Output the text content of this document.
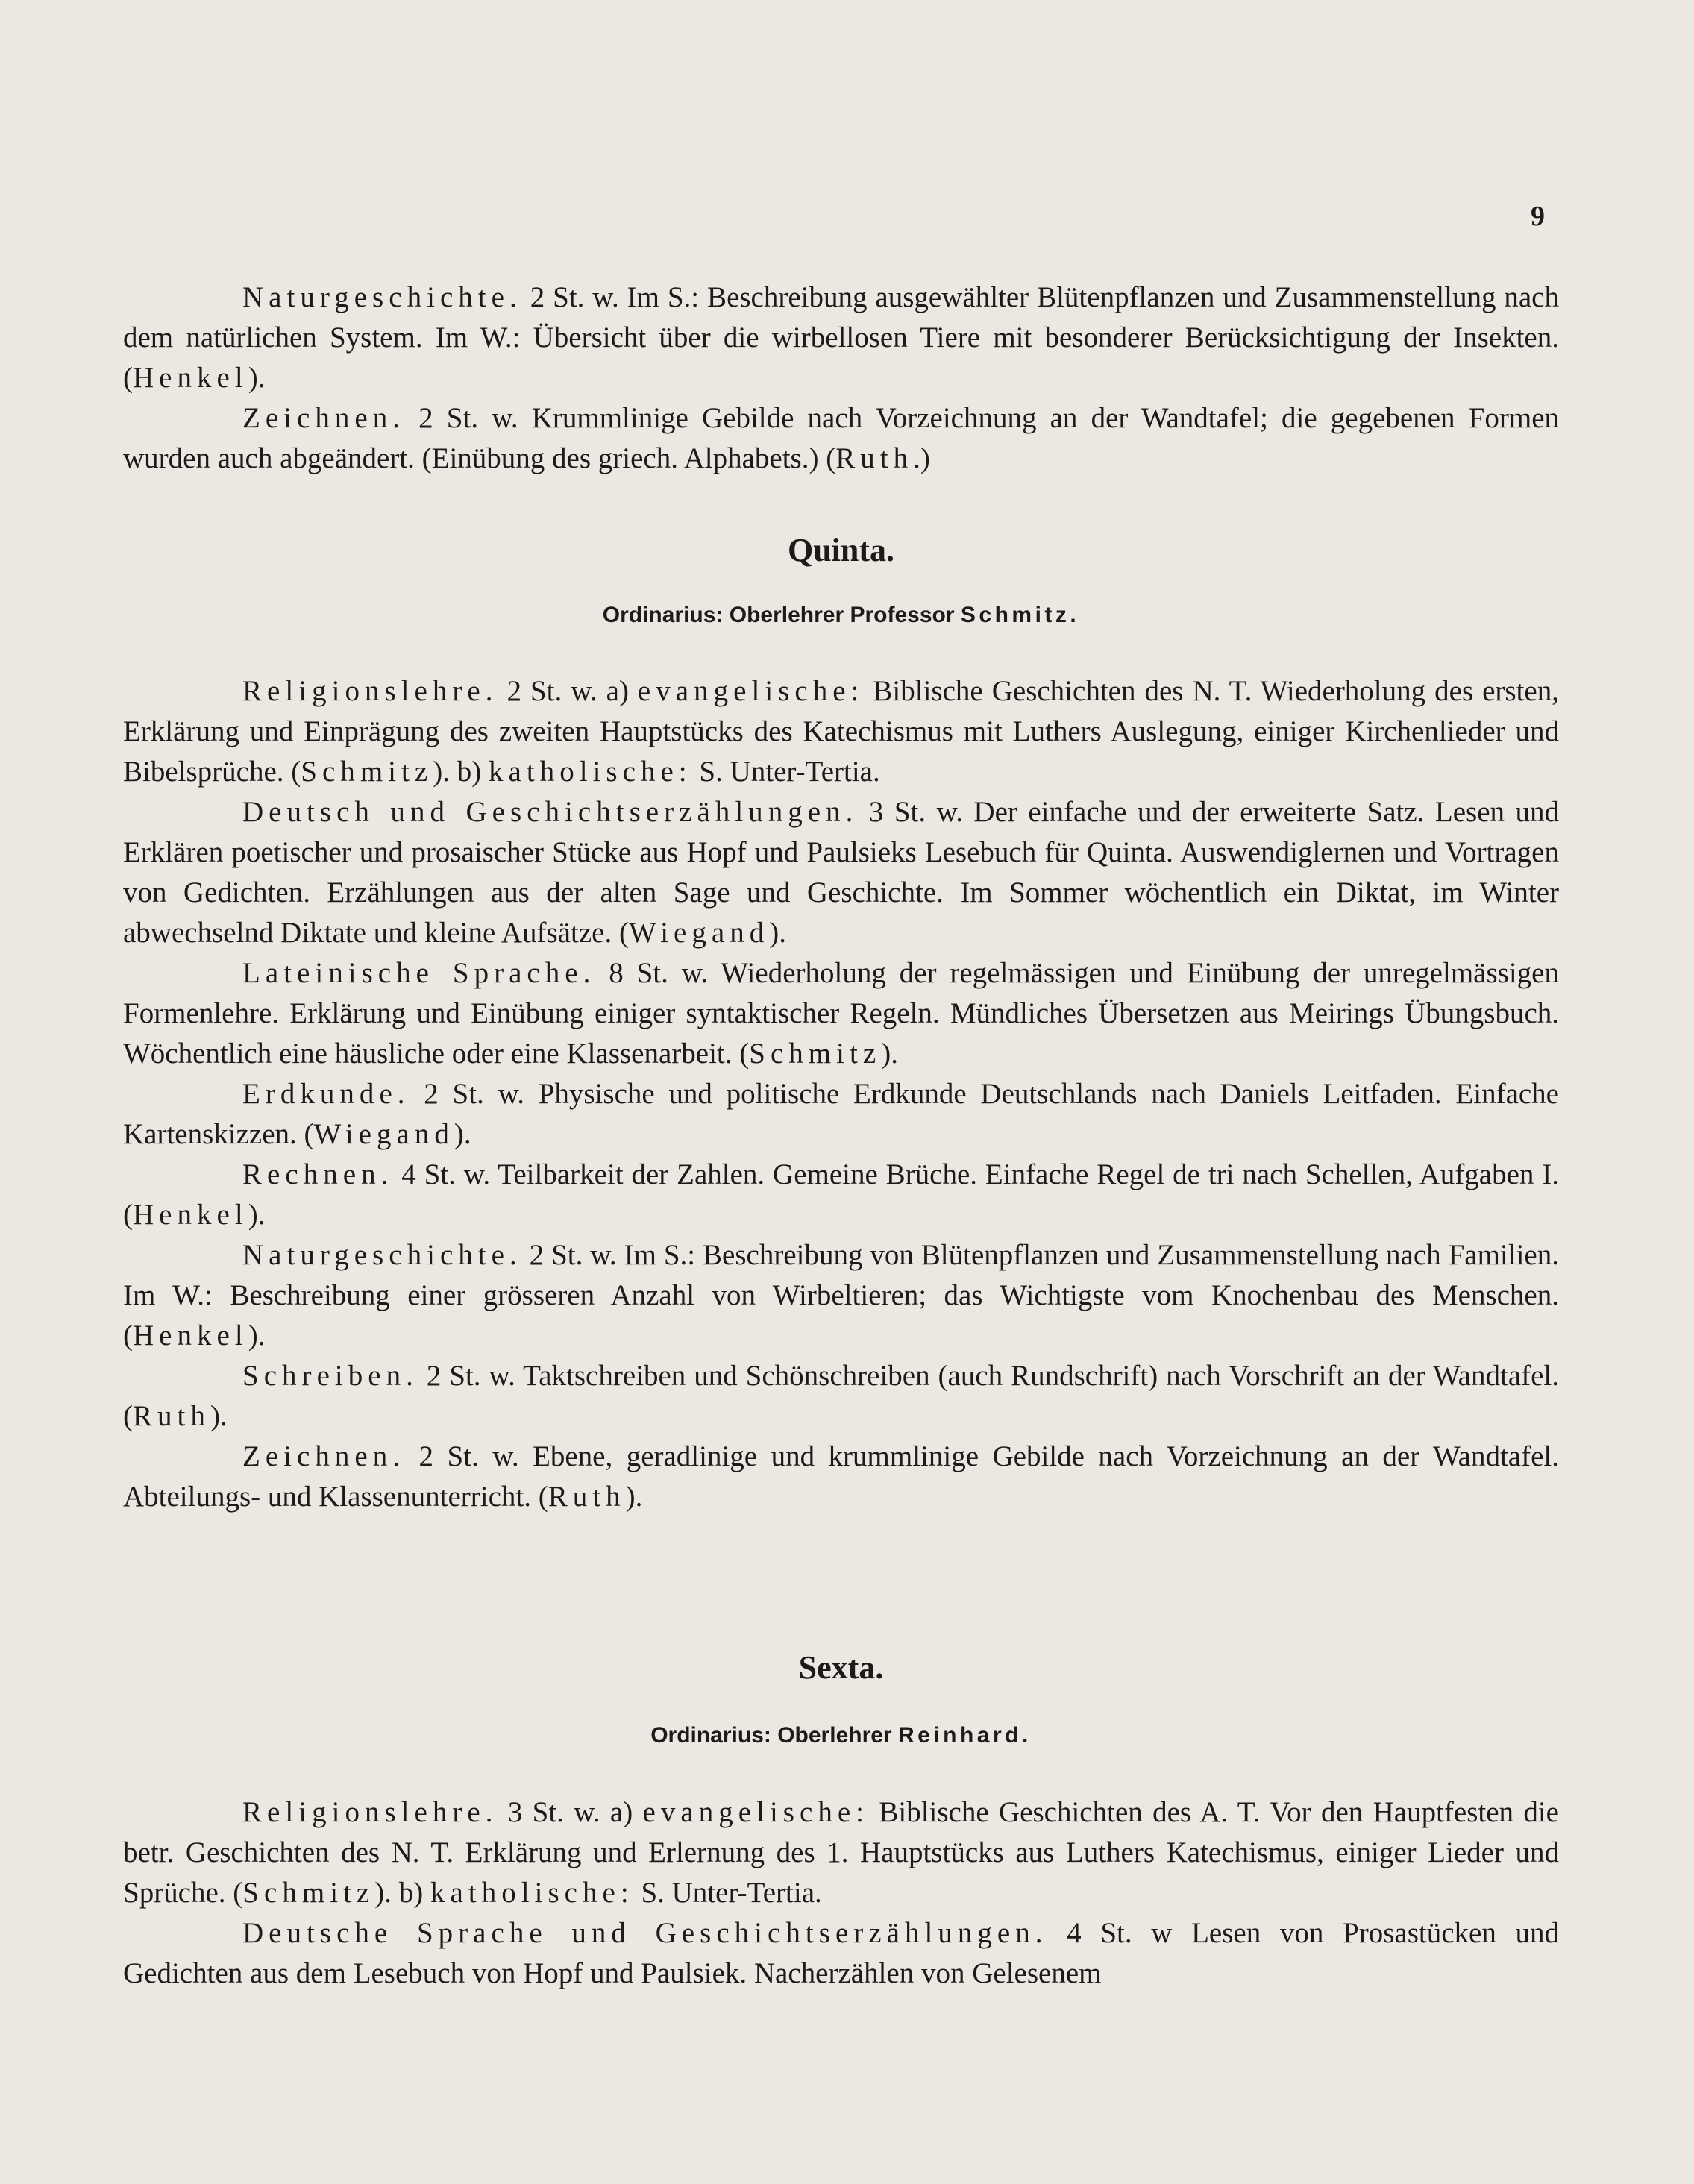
9

Naturgeschichte. 2 St. w. Im S.: Beschreibung ausgewählter Blütenpflanzen und Zusammenstellung nach dem natürlichen System. Im W.: Übersicht über die wirbellosen Tiere mit besonderer Berücksichtigung der Insekten. (Henkel).

Zeichnen. 2 St. w. Krummlinige Gebilde nach Vorzeichnung an der Wandtafel; die gegebenen Formen wurden auch abgeändert. (Einübung des griech. Alphabets.) (Ruth.)

Quinta.
Ordinarius: Oberlehrer Professor Schmitz.

Religionslehre. 2 St. w. a) evangelische: Biblische Geschichten des N. T. Wiederholung des ersten, Erklärung und Einprägung des zweiten Hauptstücks des Katechismus mit Luthers Auslegung, einiger Kirchenlieder und Bibelsprüche. (Schmitz). b) katholische: S. Unter-Tertia.

Deutsch und Geschichtserzählungen. 3 St. w. Der einfache und der erweiterte Satz. Lesen und Erklären poetischer und prosaischer Stücke aus Hopf und Paulsieks Lesebuch für Quinta. Auswendiglernen und Vortragen von Gedichten. Erzählungen aus der alten Sage und Geschichte. Im Sommer wöchentlich ein Diktat, im Winter abwechselnd Diktate und kleine Aufsätze. (Wiegand).

Lateinische Sprache. 8 St. w. Wiederholung der regelmässigen und Einübung der unregelmässigen Formenlehre. Erklärung und Einübung einiger syntaktischer Regeln. Mündliches Übersetzen aus Meirings Übungsbuch. Wöchentlich eine häusliche oder eine Klassenarbeit. (Schmitz).

Erdkunde. 2 St. w. Physische und politische Erdkunde Deutschlands nach Daniels Leitfaden. Einfache Kartenskizzen. (Wiegand).

Rechnen. 4 St. w. Teilbarkeit der Zahlen. Gemeine Brüche. Einfache Regel de tri nach Schellen, Aufgaben I. (Henkel).

Naturgeschichte. 2 St. w. Im S.: Beschreibung von Blütenpflanzen und Zusammenstellung nach Familien. Im W.: Beschreibung einer grösseren Anzahl von Wirbeltieren; das Wichtigste vom Knochenbau des Menschen. (Henkel).

Schreiben. 2 St. w. Taktschreiben und Schönschreiben (auch Rundschrift) nach Vorschrift an der Wandtafel. (Ruth).

Zeichnen. 2 St. w. Ebene, geradlinige und krummlinige Gebilde nach Vorzeichnung an der Wandtafel. Abteilungs- und Klassenunterricht. (Ruth).

Sexta.
Ordinarius: Oberlehrer Reinhard.

Religionslehre. 3 St. w. a) evangelische: Biblische Geschichten des A. T. Vor den Hauptfesten die betr. Geschichten des N. T. Erklärung und Erlernung des 1. Hauptstücks aus Luthers Katechismus, einiger Lieder und Sprüche. (Schmitz). b) katholische: S. Unter-Tertia.

Deutsche Sprache und Geschichtserzählungen. 4 St. w Lesen von Prosastücken und Gedichten aus dem Lesebuch von Hopf und Paulsiek. Nacherzählen von Gelesenem
